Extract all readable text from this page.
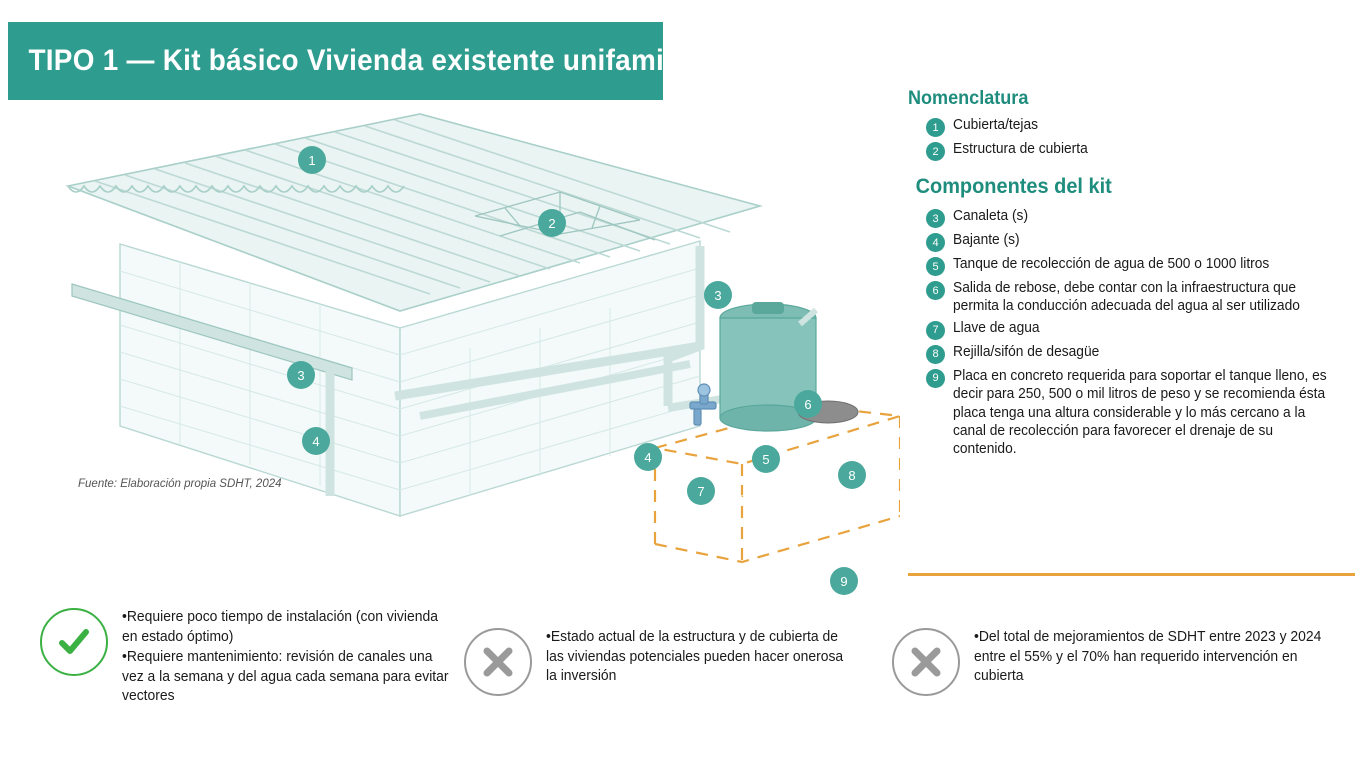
TIPO 1 — Kit básico Vivienda existente unifamiliar
1
2
3
3
4
4	5
6
7
8
9
Tanque de recolección de agua
Fuente: Elaboración propia SDHT, 2024
Nomenclatura
1 Cubierta/tejas
2 Estructura de cubierta
Componentes del kit
3 Canaleta (s)
4 Bajante (s)
5 Tanque de recolección de agua de 500 o 1000 litros
6 Salida de rebose, debe contar con la infraestructura que permita la conducción adecuada del agua al ser utilizado
7 Llave de agua
8 Rejilla/sifón de desagüe
9 Placa en concreto requerida para soportar el tanque lleno, es decir para 250, 500 o mil litros de peso y se recomienda ésta placa tenga una altura considerable y lo más cercano a la canal de recolección para favorecer el drenaje de su contenido.

•Requiere poco tiempo de instalación (con vivienda en estado óptimo)

•Requiere mantenimiento: revisión de canales una vez a la semana y del agua cada semana para evitar vectores

•Estado actual de la estructura y de cubierta de las viviendas potenciales pueden hacer onerosa la inversión

•Del total de mejoramientos de SDHT entre 2023 y 2024 entre el 55% y el 70% han requerido intervención en cubierta
